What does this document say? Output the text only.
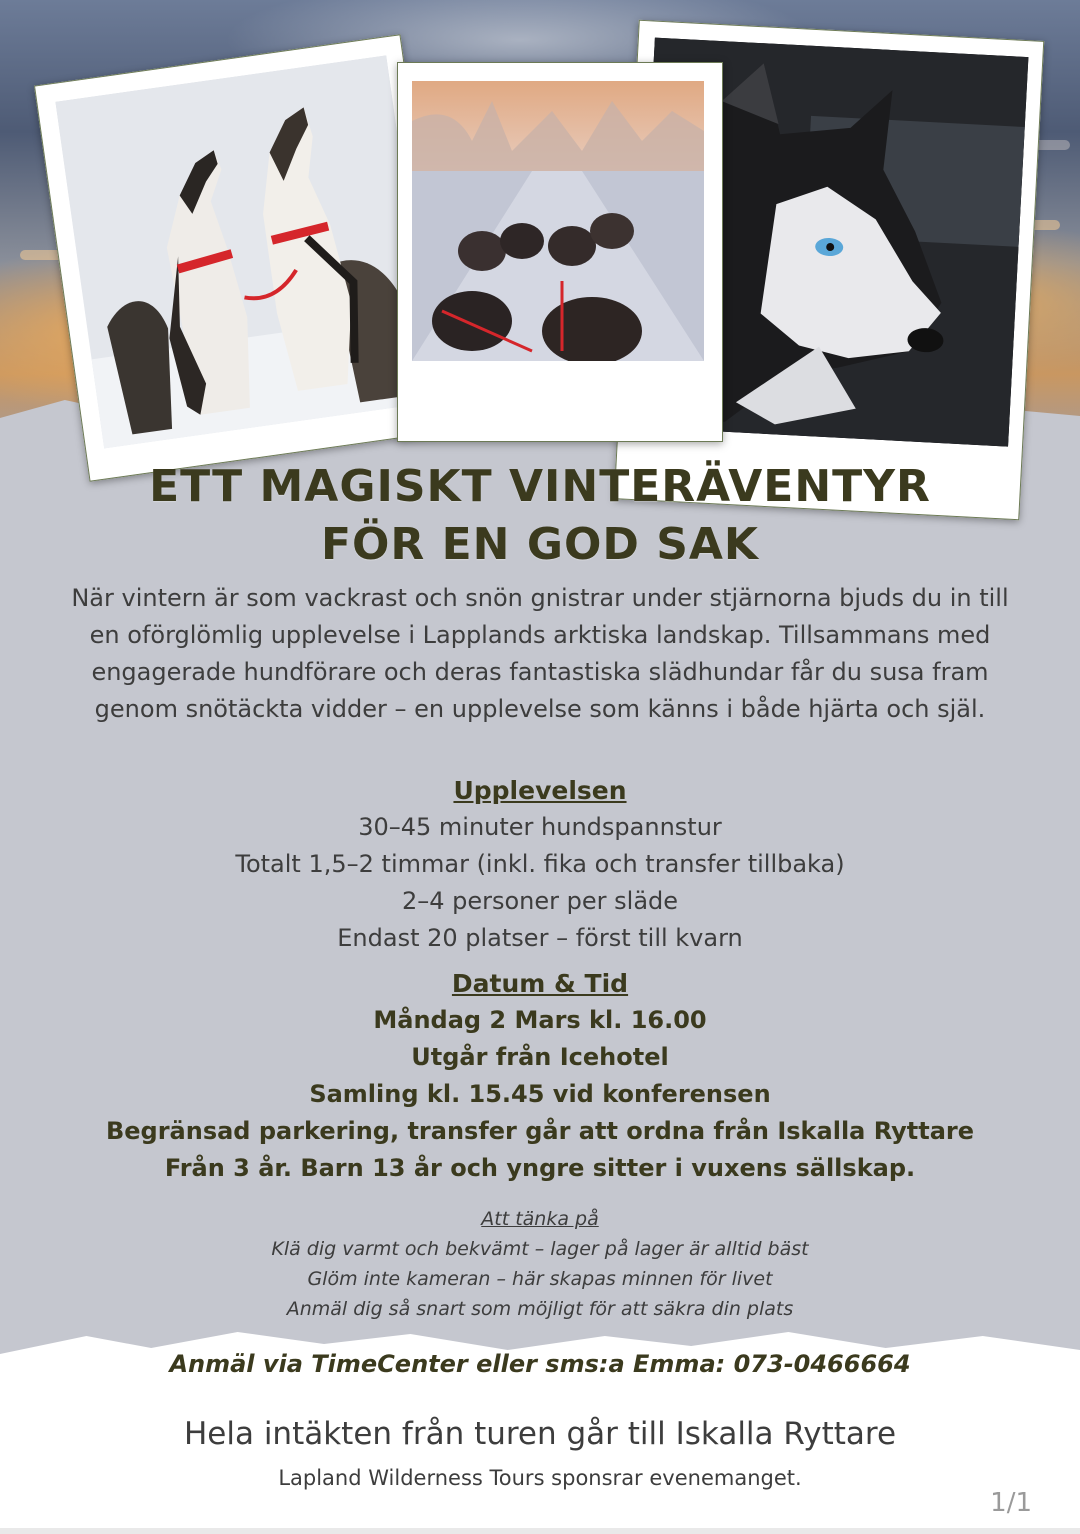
ETT MAGISKT VINTERÄVENTYR
FÖR EN GOD SAK

När vintern är som vackrast och snön gnistrar under stjärnorna bjuds du in till en oförglömlig upplevelse i Lapplands arktiska landskap. Tillsammans med engagerade hundförare och deras fantastiska slädhundar får du susa fram genom snötäckta vidder – en upplevelse som känns i både hjärta och själ.

Upplevelsen
30–45 minuter hundspannstur
Totalt 1,5–2 timmar (inkl. fika och transfer tillbaka)
2–4 personer per släde
Endast 20 platser – först till kvarn
Datum & Tid
Måndag 2 Mars kl. 16.00
Utgår från Icehotel
Samling kl. 15.45 vid konferensen
Begränsad parkering, transfer går att ordna från Iskalla Ryttare
Från 3 år. Barn 13 år och yngre sitter i vuxens sällskap.
Att tänka på
Klä dig varmt och bekvämt – lager på lager är alltid bäst
Glöm inte kameran – här skapas minnen för livet
Anmäl dig så snart som möjligt för att säkra din plats

Anmäl via TimeCenter eller sms:a Emma: 073-0466664

Hela intäkten från turen går till Iskalla Ryttare

Lapland Wilderness Tours sponsrar evenemanget.

1/1
